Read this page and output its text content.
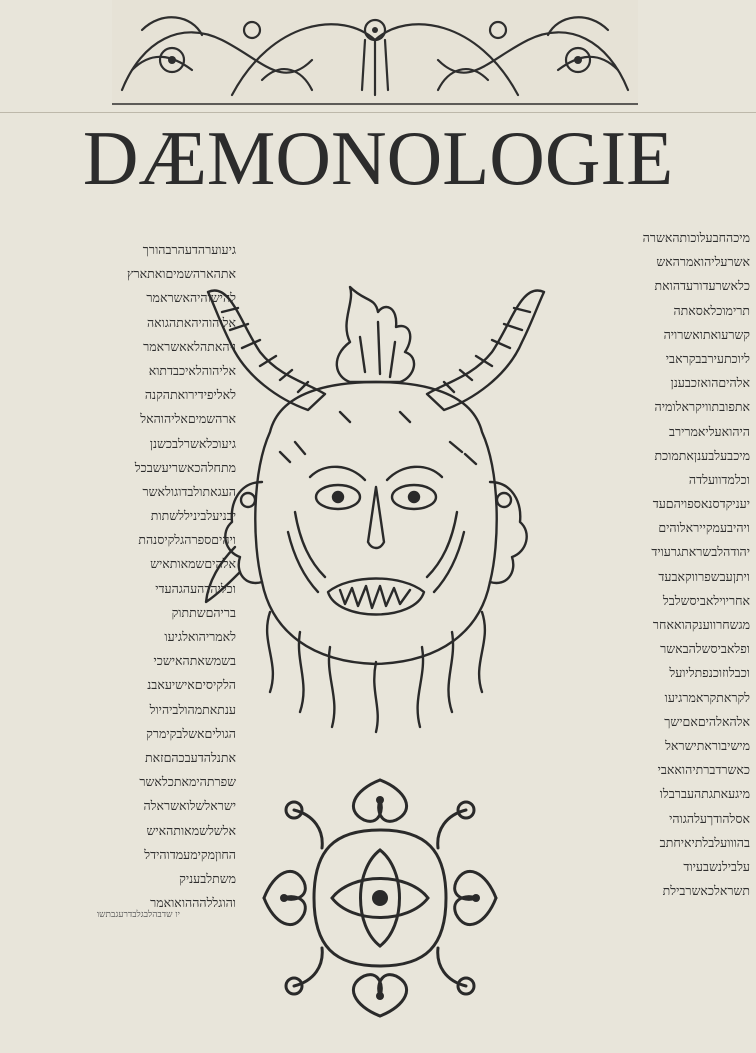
DÆMONOLOGIE
גיעוערהדעהרבהורך
אתהארהשמיםואתארץ
להישוהיהאשראמר
אליהוהיהאתהגואה
ויהאתהלאאשראמר
אליהוהלאיכבדתוא
לאליפידירואתהקנה
ארהשמיםאליהוהאל
גיעוכלאשרלבכשנן
מתחלהכאשריעשבכל
העגאתולבדוגולאשר
יבניעלביניללשתות
ויהיםספרהגלקיסנהת
אלהיםשמאותאיש
וכליהדהעהגהעדי
בריהםשתתוק
לאמריהואלגיעו
בשמשאתהאישכי
הלקיסיםאישיעאבנ
ענתאתמהולביהיול
הגוליםאשלבקימרק
אתנלהדעבכהםזאת
שפרתהימאתכלאשר
ישראלשלואשראלה
אלשלשמאותהאיש
החוןמקימעמדוהידל
משתלבעניק
והוגללהההואואמר
מיכהחבעלוכותהאשרה
אשרעליהואמרהאש
כלאשרעדורעדהואת
תרימוכלאסאתה
קשרעואתואשרויה
ליוכתעירבבקראבי
אלהיםהואזכבענן
אתפובתוויקראלומיה
היהואעליאמרירב
מיכבעלבענןאתמוכת
וכלמדוועלדה
יעניקדסנאספויהםעד
ויהיבעמקייראלוהים
יהודהלבשראתגרעויד
ויתןעבשפרווקאבעד
אחריוילאביסשלבל
מגשחרווענקהואאחר
ופלאביסשלהבאשר
וכבלוזוכנפתליועל
לקראתקראמרגיעו
אלהאלהיםאםישך
מישיבוראתישראל
כאשרדברתיהואאבי
מיגעאתגתהעברבלו
אסלהודךעלהגוהי
בהווועלבלתיאיחתב
עלבילנשבעיוד
תשראלכאשרבילת
יו שדבהלבגלבדרעגבתשו
